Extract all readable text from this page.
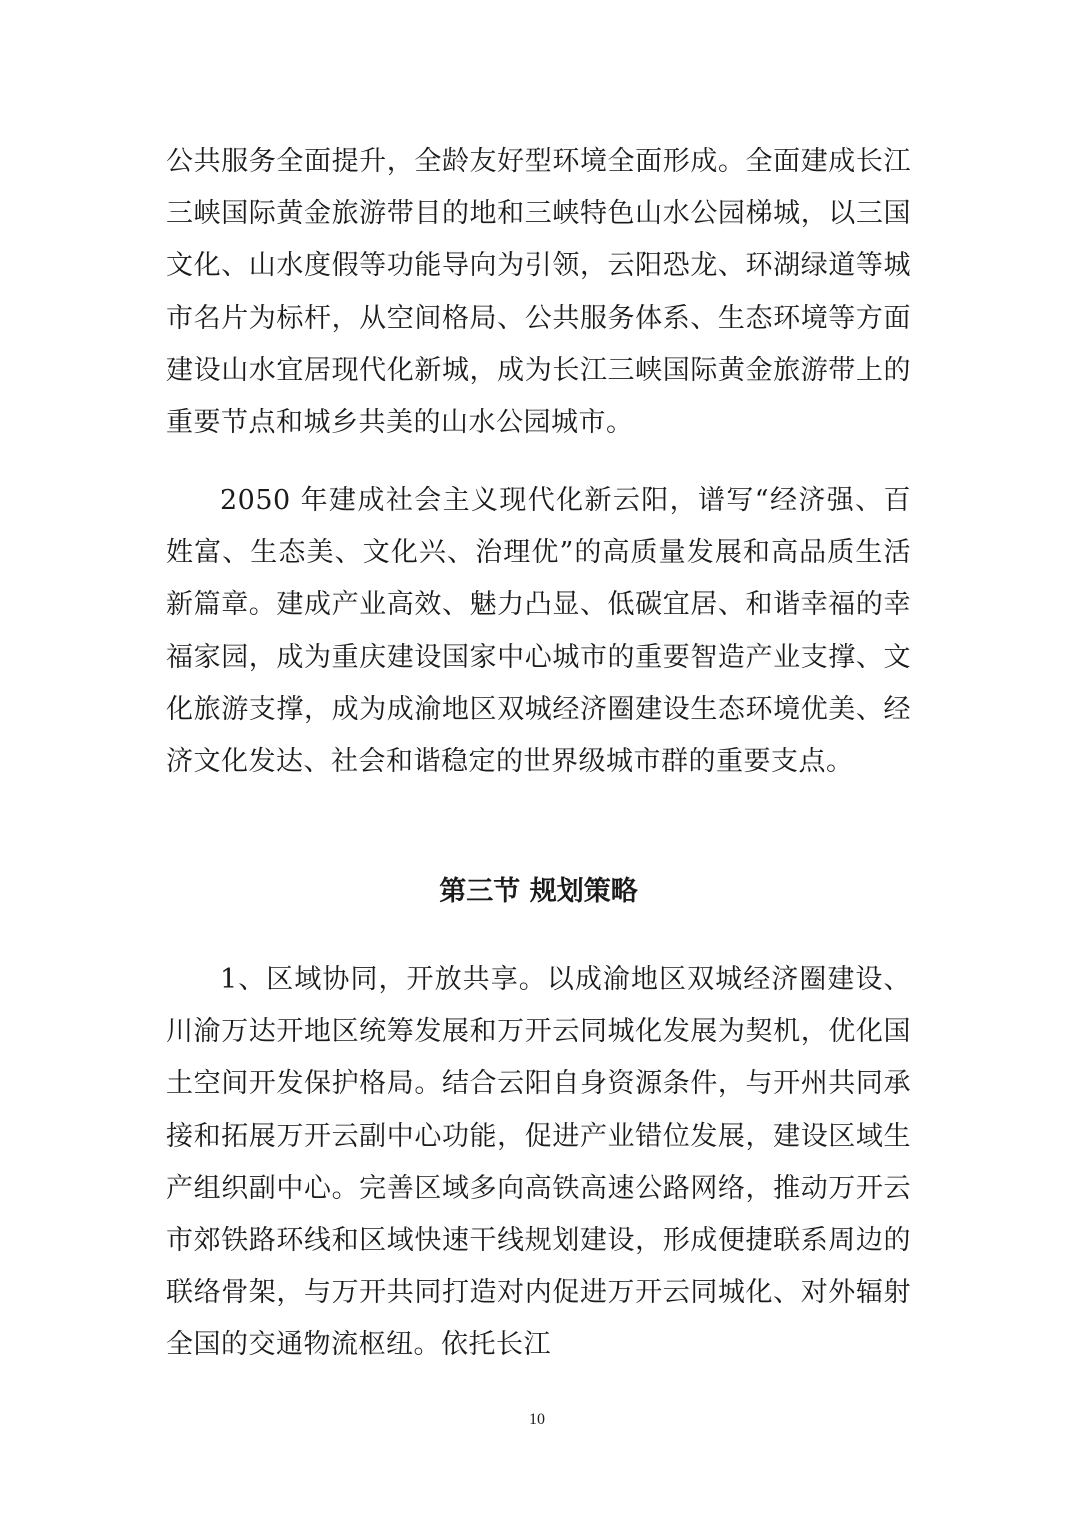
公共服务全面提升，全龄友好型环境全面形成。全面建成长江三峡国际黄金旅游带目的地和三峡特色山水公园梯城，以三国文化、山水度假等功能导向为引领，云阳恐龙、环湖绿道等城市名片为标杆，从空间格局、公共服务体系、生态环境等方面建设山水宜居现代化新城，成为长江三峡国际黄金旅游带上的重要节点和城乡共美的山水公园城市。

2050 年建成社会主义现代化新云阳，谱写“经济强、百姓富、生态美、文化兴、治理优”的高质量发展和高品质生活新篇章。建成产业高效、魅力凸显、低碳宜居、和谐幸福的幸福家园，成为重庆建设国家中心城市的重要智造产业支撑、文化旅游支撑，成为成渝地区双城经济圈建设生态环境优美、经济文化发达、社会和谐稳定的世界级城市群的重要支点。

第三节 规划策略

1、区域协同，开放共享。以成渝地区双城经济圈建设、川渝万达开地区统筹发展和万开云同城化发展为契机，优化国土空间开发保护格局。结合云阳自身资源条件，与开州共同承接和拓展万开云副中心功能，促进产业错位发展，建设区域生产组织副中心。完善区域多向高铁高速公路网络，推动万开云市郊铁路环线和区域快速干线规划建设，形成便捷联系周边的联络骨架，与万开共同打造对内促进万开云同城化、对外辐射全国的交通物流枢纽。依托长江

10
